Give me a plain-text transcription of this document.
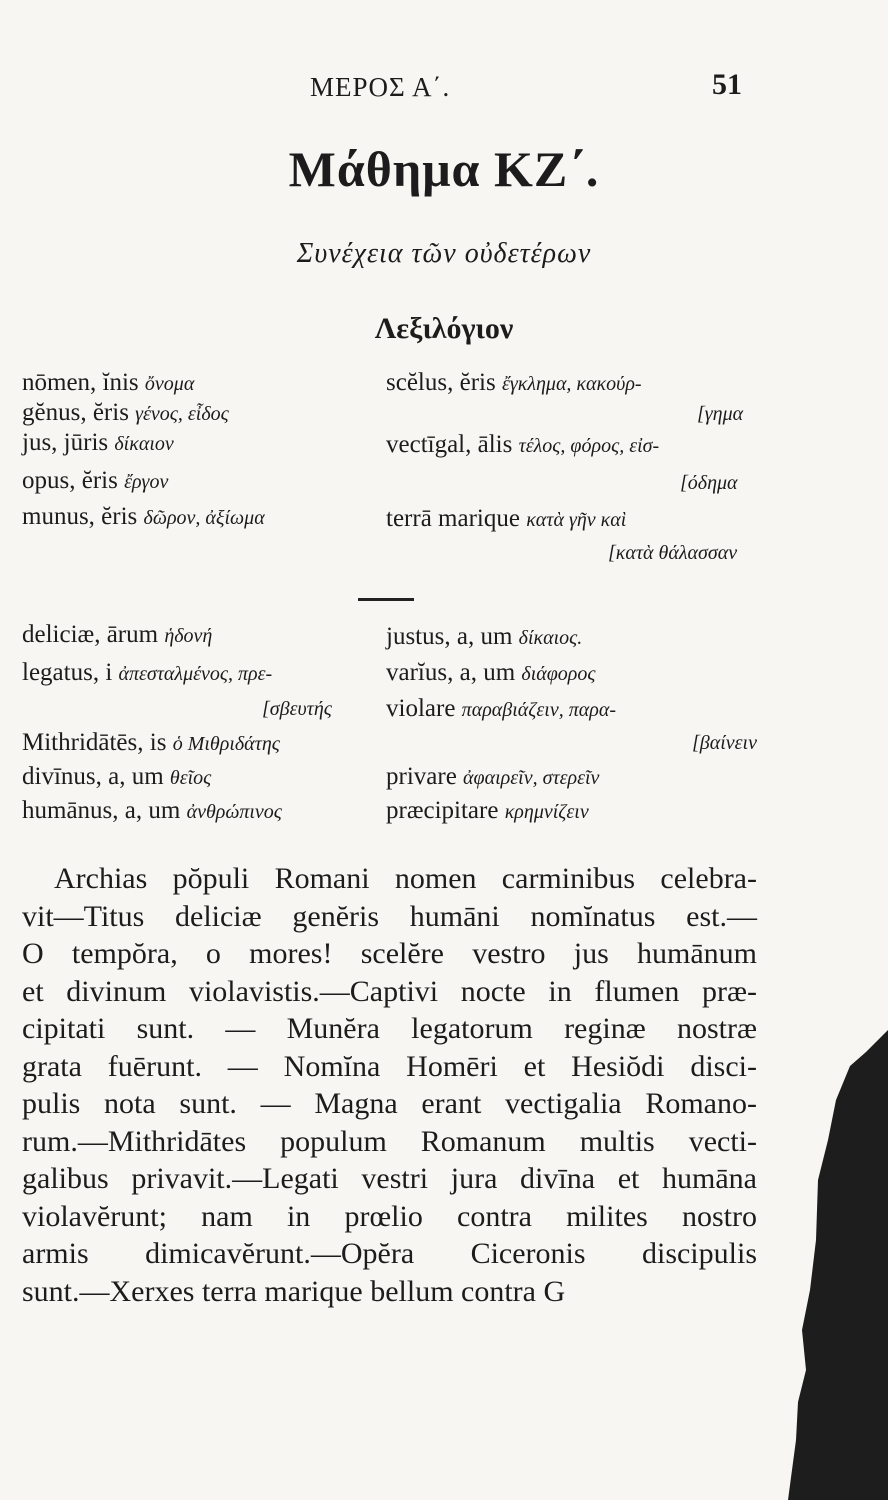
ΜΕΡΟΣ Α΄.	51
Μάθημα ΚΖ΄.
Συνέχεια τῶν οὐδετέρων
Λεξιλόγιον
nōmen, ĭnis ὄνομα
gĕnus, ĕris γένος, εἶδος
jus, jūris δίκαιον
opus, ĕris ἔργον
munus, ĕris δῶρον, ἀξίωμα
scĕlus, ĕris ἔγκλημα, κακούρ-
[γημα
vectīgal, ālis τέλος, φόρος, εἰσ-
[όδημα
terrā marique κατὰ γῆν καὶ
[κατὰ θάλασσαν
deliciæ, ārum ἡδονή
legatus, i ἀπεσταλμένος, πρε-
[σβευτής
Mithridātēs, is ὁ Μιθριδάτης
divīnus, a, um θεῖος
humānus, a, um ἀνθρώπινος
justus, a, um δίκαιος.
varĭus, a, um διάφορος
violare παραβιάζειν, παρα-
[βαίνειν
privare ἀφαιρεῖν, στερεῖν
præcipitare κρημνίζειν
Archias pŏpuli Romani nomen carminibus celebra-
vit—Titus deliciæ genĕris humāni nomĭnatus est.—
O tempŏra, o mores! scelĕre vestro jus humānum
et divinum violavistis.—Captivi nocte in flumen præ-
cipitati sunt. — Munĕra legatorum reginæ nostræ
grata fuērunt. — Nomĭna Homēri et Hesiŏdi disci-
pulis nota sunt. — Magna erant vectigalia Romano-
rum.—Mithridātes populum Romanum multis vecti-
galibus privavit.—Legati vestri jura divīna et humāna
violavĕrunt; nam in prœlio contra milites nostro
armis dimicavĕrunt.—Opĕra Ciceronis discipulis
sunt.—Xerxes terra marique bellum contra G
